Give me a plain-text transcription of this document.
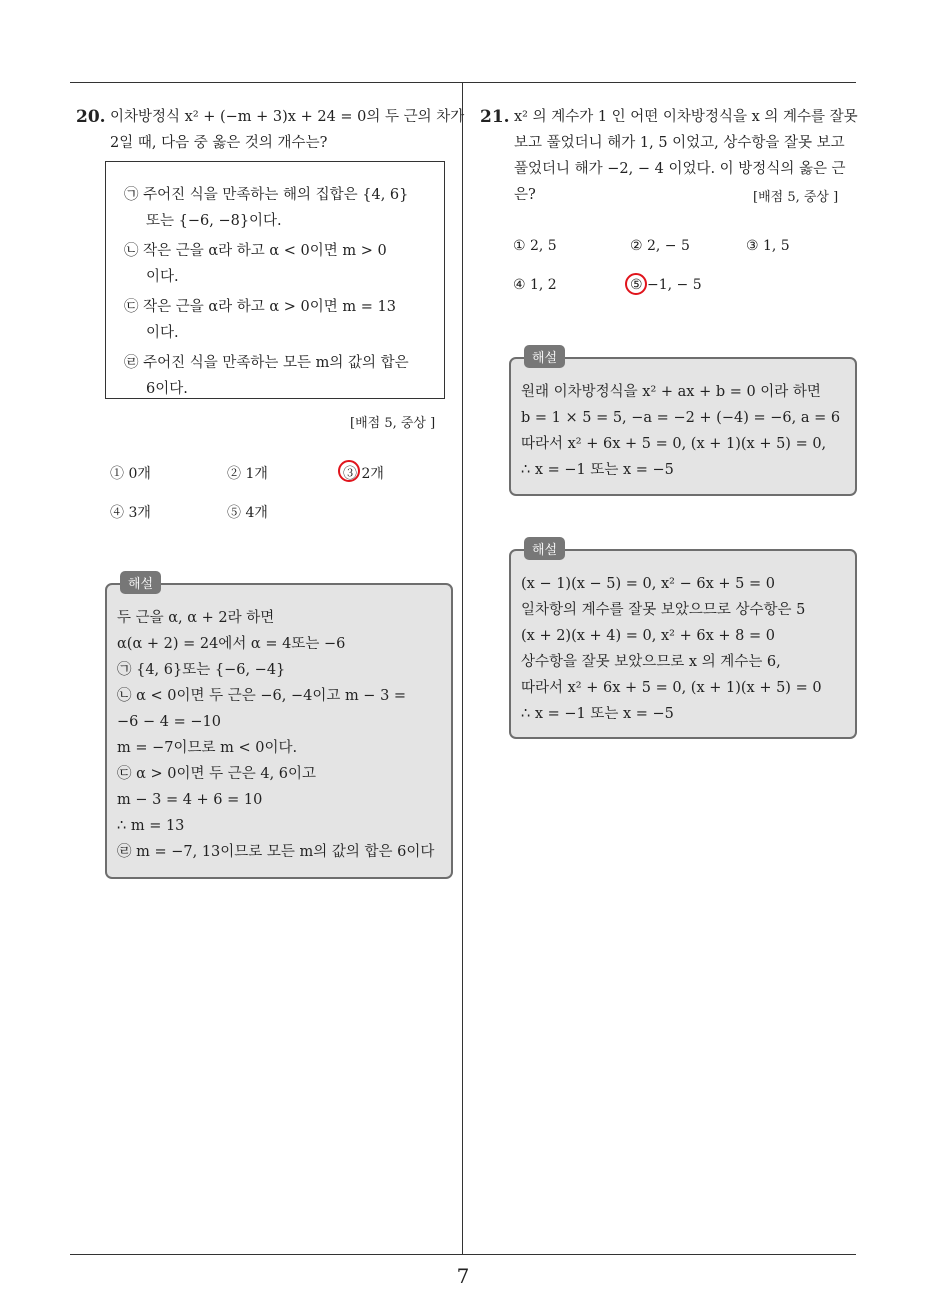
20. 이차방정식 x² + (−m + 3)x + 24 = 0의 두 근의 차가
2일 때, 다음 중 옳은 것의 개수는?
㉠ 주어진 식을 만족하는 해의 집합은 {4, 6}
또는 {−6, −8}이다.
㉡ 작은 근을 α라 하고 α < 0이면 m > 0
이다.
㉢ 작은 근을 α라 하고 α > 0이면 m = 13
이다.
㉣ 주어진 식을 만족하는 모든 m의 값의 합은
6이다.
[배점 5, 중상 ]
① 0개	② 1개	③ 2개
④ 3개	⑤ 4개
두 근을 α, α + 2라 하면
α(α + 2) = 24에서 α = 4또는 −6
㉠ {4, 6}또는 {−6, −4}
㉡ α < 0이면 두 근은 −6, −4이고 m − 3 =
−6 − 4 = −10
m = −7이므로 m < 0이다.
㉢ α > 0이면 두 근은 4, 6이고
m − 3 = 4 + 6 = 10
∴ m = 13
㉣ m = −7, 13이므로 모든 m의 값의 합은 6이다
해설
21. x² 의 계수가 1 인 어떤 이차방정식을 x 의 계수를 잘못
보고 풀었더니 해가 1, 5 이었고, 상수항을 잘못 보고
풀었더니 해가 −2, − 4 이었다. 이 방정식의 옳은 근
은?	[배점 5, 중상 ]
① 2, 5	② 2, − 5	③ 1, 5
④ 1, 2	⑤ −1, − 5
원래 이차방정식을 x² + ax + b = 0 이라 하면
b = 1 × 5 = 5, −a = −2 + (−4) = −6, a = 6
따라서 x² + 6x + 5 = 0, (x + 1)(x + 5) = 0,
∴ x = −1 또는 x = −5
해설
(x − 1)(x − 5) = 0, x² − 6x + 5 = 0
일차항의 계수를 잘못 보았으므로 상수항은 5
(x + 2)(x + 4) = 0, x² + 6x + 8 = 0
상수항을 잘못 보았으므로 x 의 계수는 6,
따라서 x² + 6x + 5 = 0, (x + 1)(x + 5) = 0
∴ x = −1 또는 x = −5
해설
7
